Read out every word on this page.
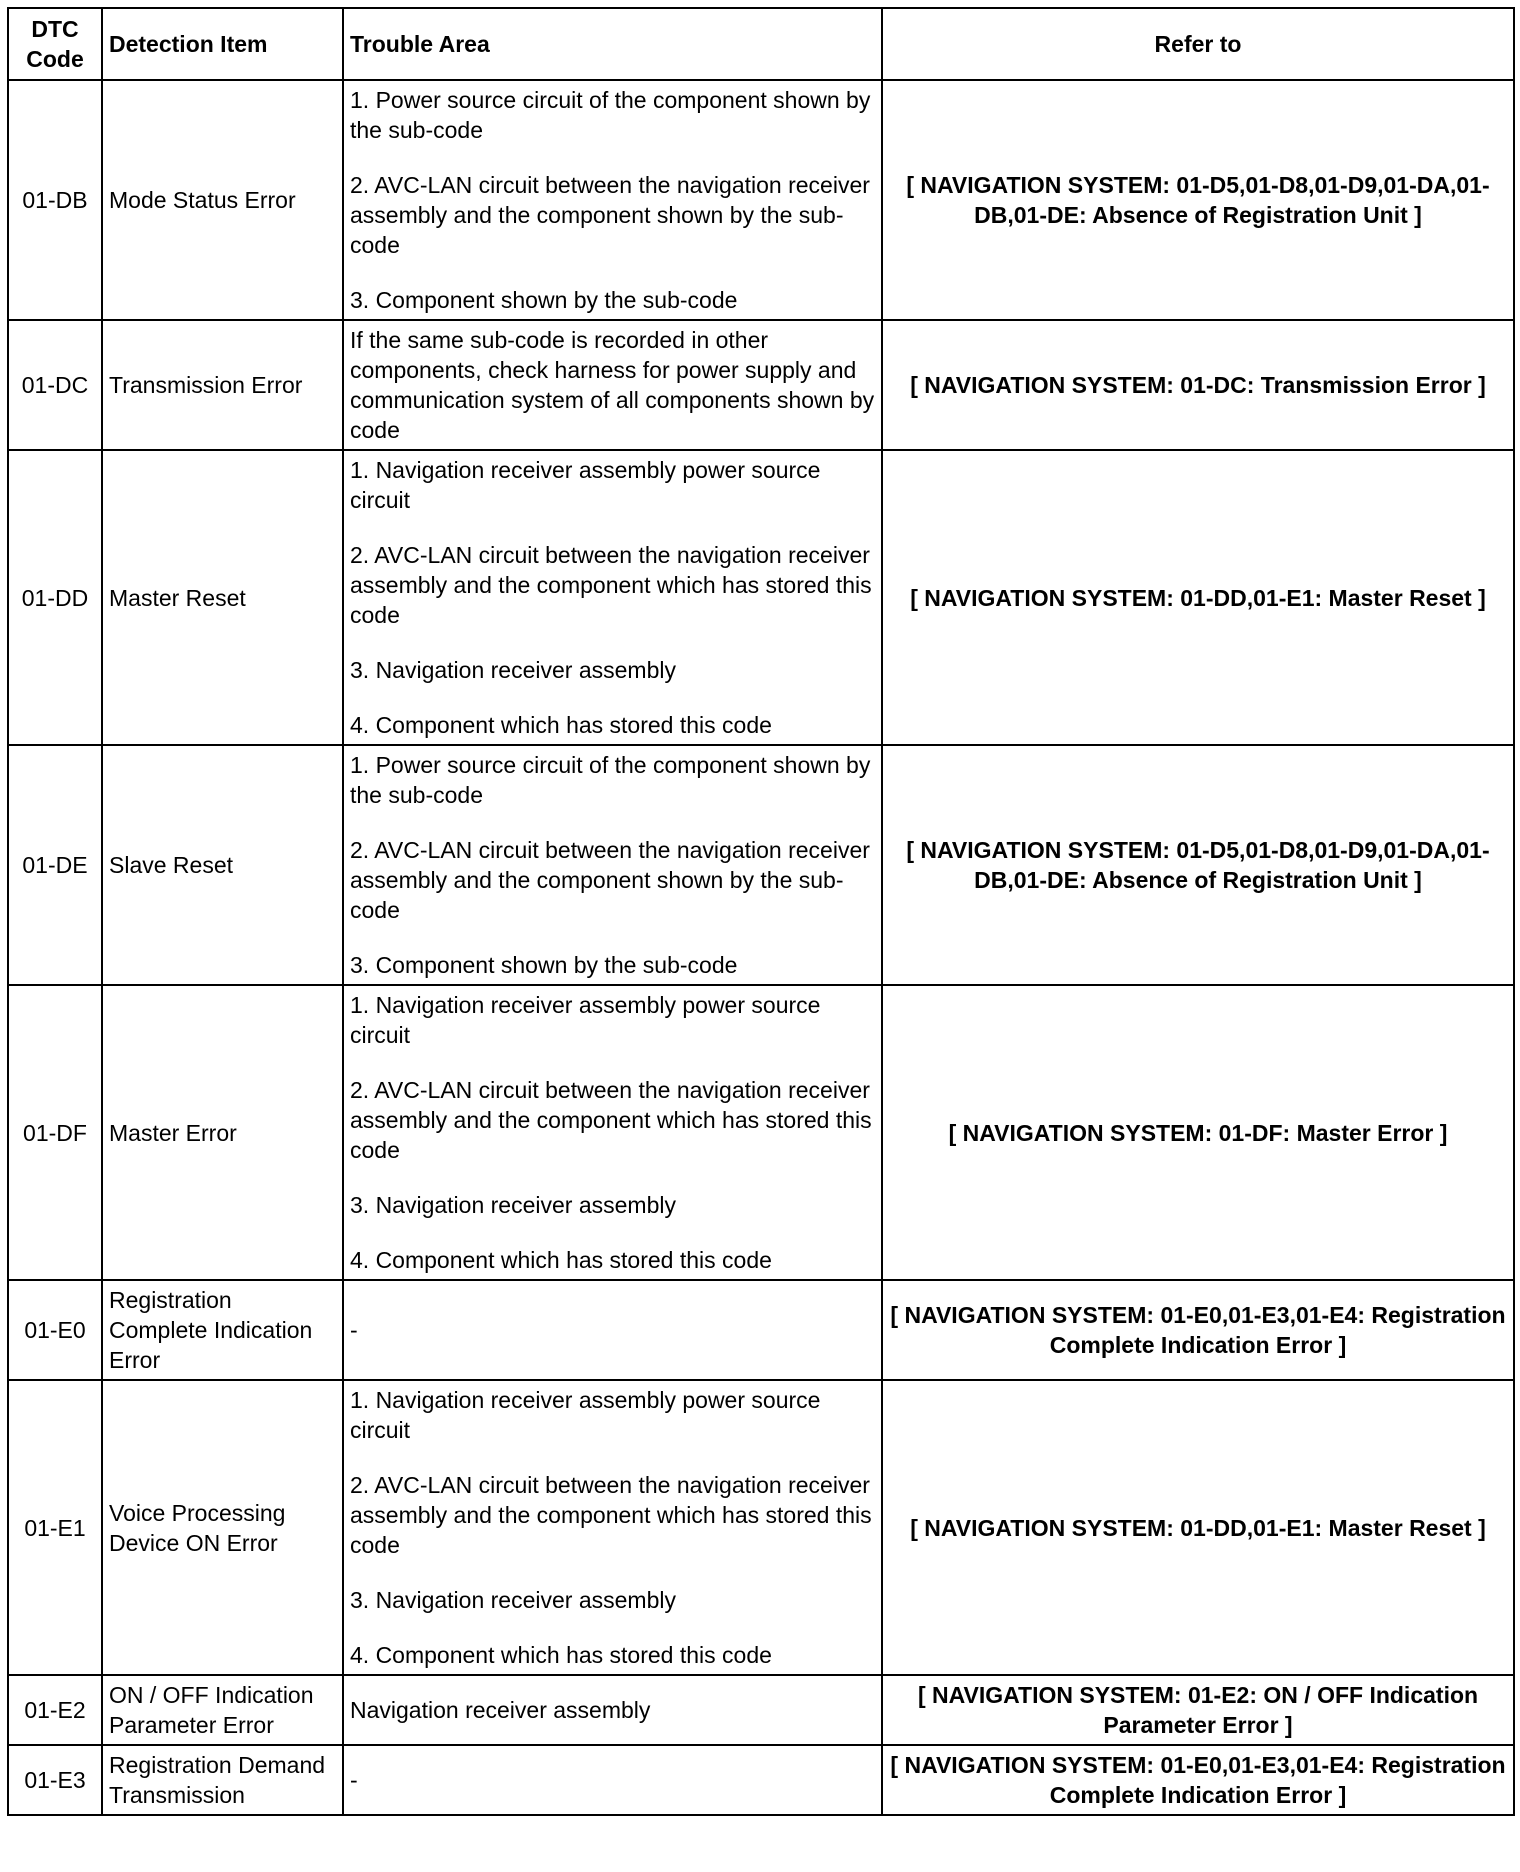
DTC Code	Detection Item	Trouble Area	Refer to
01-DB	Mode Status Error	1. Power source circuit of the component shown by the sub-code

2. AVC-LAN circuit between the navigation receiver assembly and the component shown by the sub-code

3. Component shown by the sub-code	[ NAVIGATION SYSTEM: 01-D5,01-D8,01-D9,01-DA,01-DB,01-DE: Absence of Registration Unit ]
01-DC	Transmission Error	If the same sub-code is recorded in other components, check harness for power supply and communication system of all components shown by code	[ NAVIGATION SYSTEM: 01-DC: Transmission Error ]
01-DD	Master Reset	1. Navigation receiver assembly power source circuit

2. AVC-LAN circuit between the navigation receiver assembly and the component which has stored this code

3. Navigation receiver assembly

4. Component which has stored this code	[ NAVIGATION SYSTEM: 01-DD,01-E1: Master Reset ]
01-DE	Slave Reset	1. Power source circuit of the component shown by the sub-code

2. AVC-LAN circuit between the navigation receiver assembly and the component shown by the sub-code

3. Component shown by the sub-code	[ NAVIGATION SYSTEM: 01-D5,01-D8,01-D9,01-DA,01-DB,01-DE: Absence of Registration Unit ]
01-DF	Master Error	1. Navigation receiver assembly power source circuit

2. AVC-LAN circuit between the navigation receiver assembly and the component which has stored this code

3. Navigation receiver assembly

4. Component which has stored this code	[ NAVIGATION SYSTEM: 01-DF: Master Error ]
01-E0	Registration Complete Indication Error	-	[ NAVIGATION SYSTEM: 01-E0,01-E3,01-E4: Registration Complete Indication Error ]
01-E1	Voice Processing Device ON Error	1. Navigation receiver assembly power source circuit

2. AVC-LAN circuit between the navigation receiver assembly and the component which has stored this code

3. Navigation receiver assembly

4. Component which has stored this code	[ NAVIGATION SYSTEM: 01-DD,01-E1: Master Reset ]
01-E2	ON / OFF Indication Parameter Error	Navigation receiver assembly	[ NAVIGATION SYSTEM: 01-E2: ON / OFF Indication Parameter Error ]
01-E3	Registration Demand Transmission	-	[ NAVIGATION SYSTEM: 01-E0,01-E3,01-E4: Registration Complete Indication Error ]
